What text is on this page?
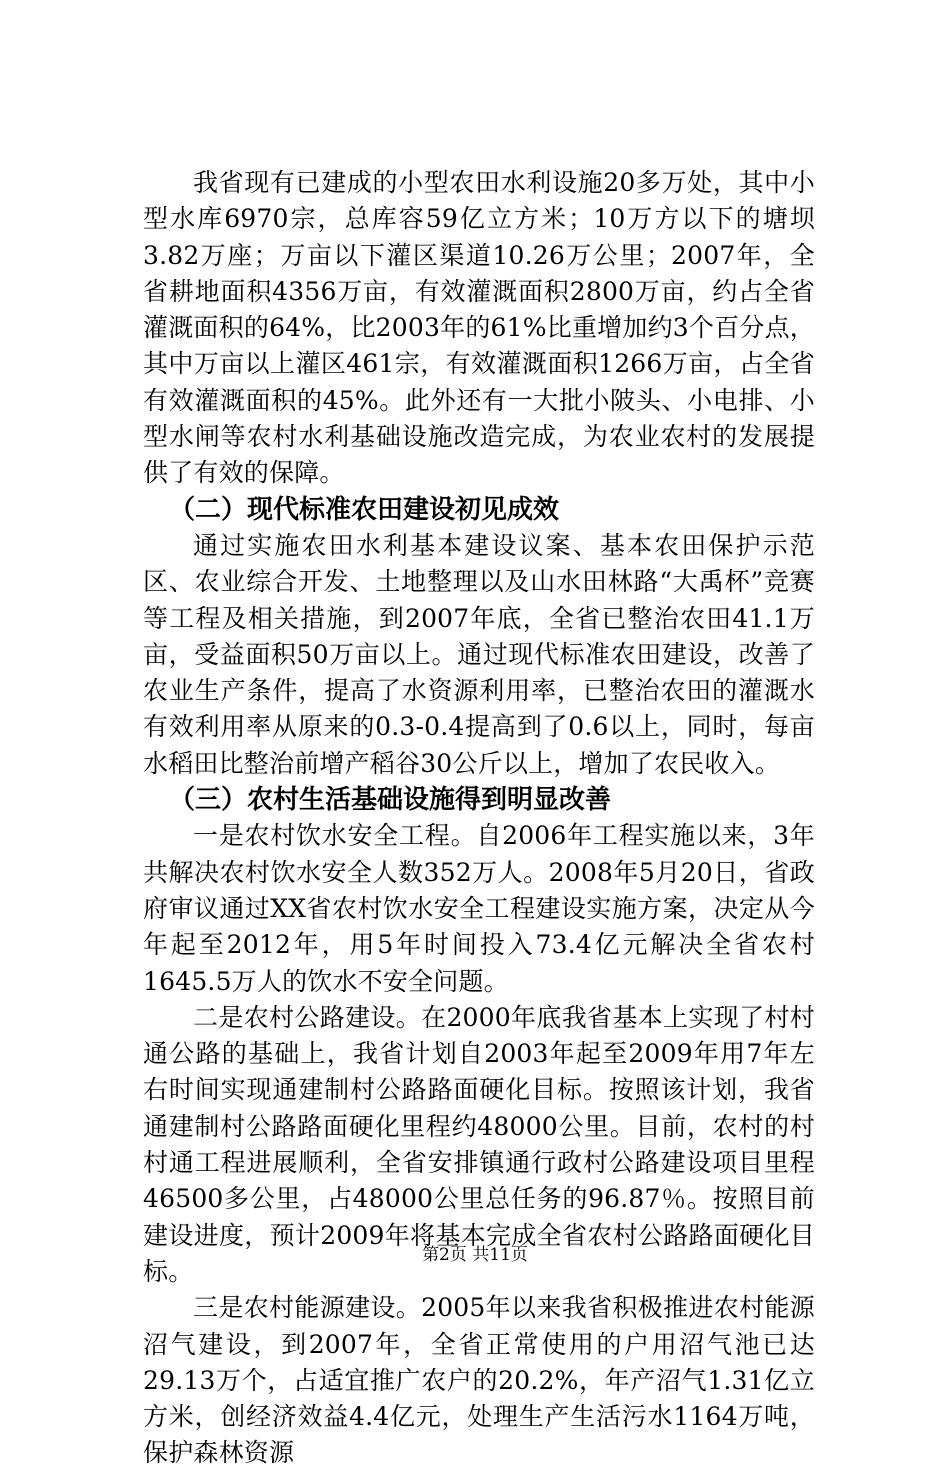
我省现有已建成的小型农田水利设施20多万处，其中小型水库6970宗，总库容59亿立方米；10万方以下的塘坝3.82万座；万亩以下灌区渠道10.26万公里；2007年，全省耕地面积4356万亩，有效灌溉面积2800万亩，约占全省灌溉面积的64%，比2003年的61%比重增加约3个百分点，其中万亩以上灌区461宗，有效灌溉面积1266万亩，占全省有效灌溉面积的45%。此外还有一大批小陂头、小电排、小型水闸等农村水利基础设施改造完成，为农业农村的发展提供了有效的保障。

（二）现代标准农田建设初见成效

通过实施农田水利基本建设议案、基本农田保护示范区、农业综合开发、土地整理以及山水田林路“大禹杯”竞赛等工程及相关措施，到2007年底，全省已整治农田41.1万亩，受益面积50万亩以上。通过现代标准农田建设，改善了农业生产条件，提高了水资源利用率，已整治农田的灌溉水有效利用率从原来的0.3-0.4提高到了0.6以上，同时，每亩水稻田比整治前增产稻谷30公斤以上，增加了农民收入。

（三）农村生活基础设施得到明显改善

一是农村饮水安全工程。自2006年工程实施以来，3年共解决农村饮水安全人数352万人。2008年5月20日，省政府审议通过XX省农村饮水安全工程建设实施方案，决定从今年起至2012年，用5年时间投入73.4亿元解决全省农村1645.5万人的饮水不安全问题。

二是农村公路建设。在2000年底我省基本上实现了村村通公路的基础上，我省计划自2003年起至2009年用7年左右时间实现通建制村公路路面硬化目标。按照该计划，我省通建制村公路路面硬化里程约48000公里。目前，农村的村村通工程进展顺利，全省安排镇通行政村公路建设项目里程46500多公里，占48000公里总任务的96.87％。按照目前建设进度，预计2009年将基本完成全省农村公路路面硬化目标。

三是农村能源建设。2005年以来我省积极推进农村能源沼气建设，到2007年，全省正常使用的户用沼气池已达29.13万个，占适宜推广农户的20.2%，年产沼气1.31亿立方米，创经济效益4.4亿元，处理生产生活污水1164万吨，保护森林资源

第2页 共11页
